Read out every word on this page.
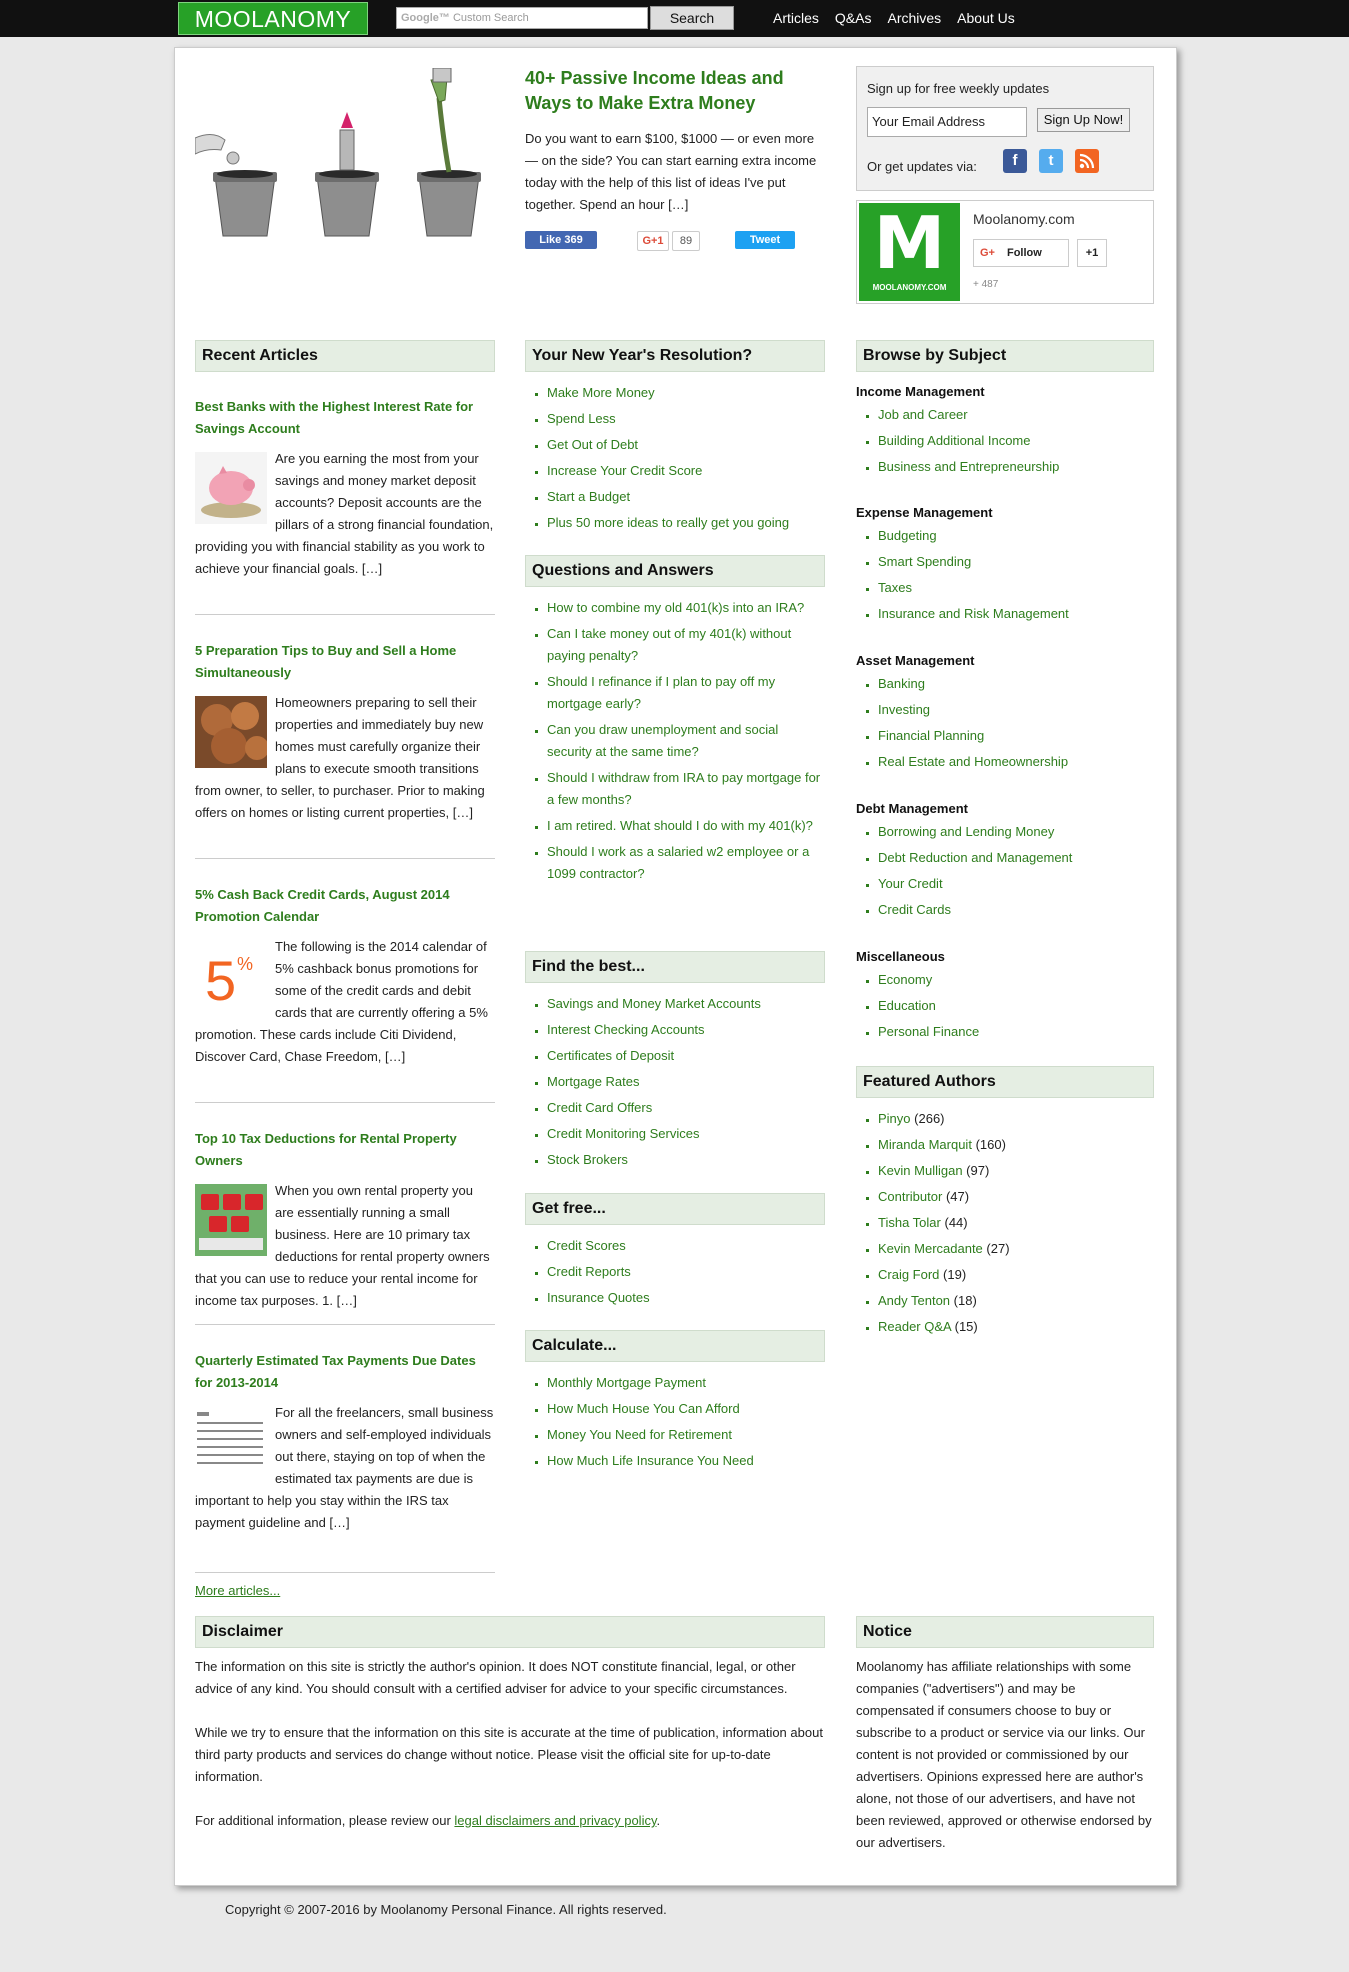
MOOLANOMY	Google™ Custom Search	Search	Articles	Q&As	Archives	About Us
40+ Passive Income Ideas and Ways to Make Extra Money
Do you want to earn $100, $1000 — or even more — on the side? You can start earning extra income today with the help of this list of ideas I've put together. Spend an hour […]
Like 369	G+1	89	Tweet
Sign up for free weekly updates
Your Email Address	Sign Up Now!
Or get updates via:	f	t
M
MOOLANOMY.COM
Moolanomy.com
G+ Follow	+1
+ 487
Recent Articles
Best Banks with the Highest Interest Rate for Savings Account
Are you earning the most from your savings and money market deposit accounts? Deposit accounts are the pillars of a strong financial foundation, providing you with financial stability as you work to achieve your financial goals. […]
5 Preparation Tips to Buy and Sell a Home Simultaneously
Homeowners preparing to sell their properties and immediately buy new homes must carefully organize their plans to execute smooth transitions from owner, to seller, to purchaser. Prior to making offers on homes or listing current properties, […]
5% Cash Back Credit Cards, August 2014 Promotion Calendar
5 %
The following is the 2014 calendar of 5% cashback bonus promotions for some of the credit cards and debit cards that are currently offering a 5% promotion. These cards include Citi Dividend, Discover Card, Chase Freedom, […]
Top 10 Tax Deductions for Rental Property Owners
When you own rental property you are essentially running a small business. Here are 10 primary tax deductions for rental property owners that you can use to reduce your rental income for income tax purposes. 1. […]
Quarterly Estimated Tax Payments Due Dates for 2013-2014
For all the freelancers, small business owners and self-employed individuals out there, staying on top of when the estimated tax payments are due is important to help you stay within the IRS tax payment guideline and […]
More articles...
Your New Year's Resolution?
▪ Make More Money
▪ Spend Less
▪ Get Out of Debt
▪ Increase Your Credit Score
▪ Start a Budget
▪ Plus 50 more ideas to really get you going
Questions and Answers
▪ How to combine my old 401(k)s into an IRA?
▪ Can I take money out of my 401(k) without paying penalty?
▪ Should I refinance if I plan to pay off my mortgage early?
▪ Can you draw unemployment and social security at the same time?
▪ Should I withdraw from IRA to pay mortgage for a few months?
▪ I am retired. What should I do with my 401(k)?
▪ Should I work as a salaried w2 employee or a 1099 contractor?
Find the best...
▪ Savings and Money Market Accounts
▪ Interest Checking Accounts
▪ Certificates of Deposit
▪ Mortgage Rates
▪ Credit Card Offers
▪ Credit Monitoring Services
▪ Stock Brokers
Get free...
▪ Credit Scores
▪ Credit Reports
▪ Insurance Quotes
Calculate...
▪ Monthly Mortgage Payment
▪ How Much House You Can Afford
▪ Money You Need for Retirement
▪ How Much Life Insurance You Need
Browse by Subject
Income Management
▪ Job and Career
▪ Building Additional Income
▪ Business and Entrepreneurship
Expense Management
▪ Budgeting
▪ Smart Spending
▪ Taxes
▪ Insurance and Risk Management
Asset Management
▪ Banking
▪ Investing
▪ Financial Planning
▪ Real Estate and Homeownership
Debt Management
▪ Borrowing and Lending Money
▪ Debt Reduction and Management
▪ Your Credit
▪ Credit Cards
Miscellaneous
▪ Economy
▪ Education
▪ Personal Finance
Featured Authors
▪ Pinyo (266)
▪ Miranda Marquit (160)
▪ Kevin Mulligan (97)
▪ Contributor (47)
▪ Tisha Tolar (44)
▪ Kevin Mercadante (27)
▪ Craig Ford (19)
▪ Andy Tenton (18)
▪ Reader Q&A (15)
Disclaimer
The information on this site is strictly the author's opinion. It does NOT constitute financial, legal, or other advice of any kind. You should consult with a certified adviser for advice to your specific circumstances.
While we try to ensure that the information on this site is accurate at the time of publication, information about third party products and services do change without notice. Please visit the official site for up-to-date information.
For additional information, please review our legal disclaimers and privacy policy.
Notice
Moolanomy has affiliate relationships with some companies ("advertisers") and may be compensated if consumers choose to buy or subscribe to a product or service via our links. Our content is not provided or commissioned by our advertisers. Opinions expressed here are author's alone, not those of our advertisers, and have not been reviewed, approved or otherwise endorsed by our advertisers.
Copyright © 2007-2016 by Moolanomy Personal Finance. All rights reserved.
